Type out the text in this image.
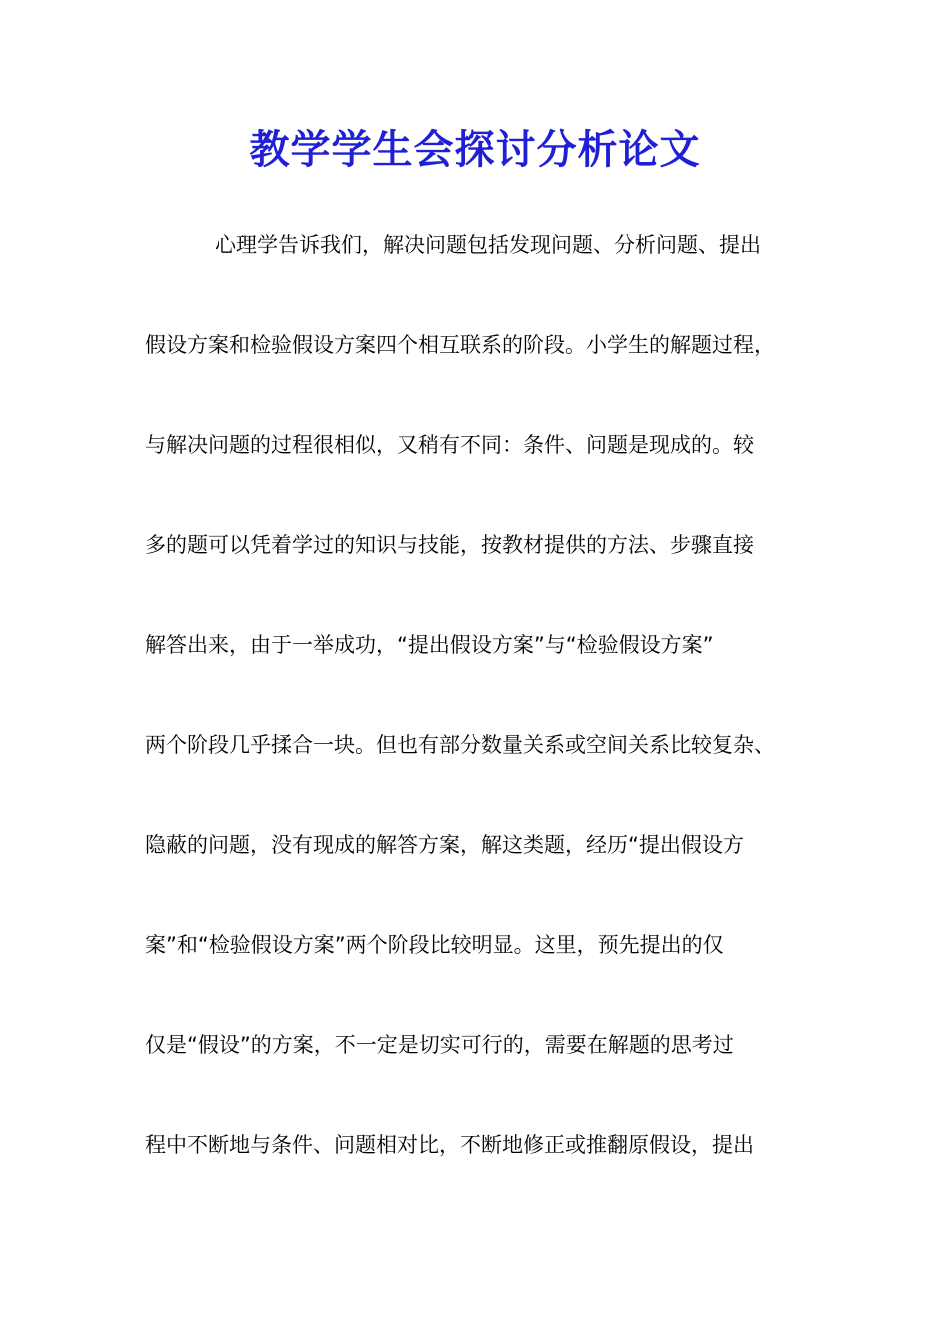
教学学生会探讨分析论文
心理学告诉我们，解决问题包括发现问题、分析问题、提出
假设方案和检验假设方案四个相互联系的阶段。小学生的解题过程，
与解决问题的过程很相似，又稍有不同：条件、问题是现成的。较
多的题可以凭着学过的知识与技能，按教材提供的方法、步骤直接
解答出来，由于一举成功，“提出假设方案”与“检验假设方案”
两个阶段几乎揉合一块。但也有部分数量关系或空间关系比较复杂、
隐蔽的问题，没有现成的解答方案，解这类题，经历“提出假设方
案”和“检验假设方案”两个阶段比较明显。这里，预先提出的仅
仅是“假设”的方案，不一定是切实可行的，需要在解题的思考过
程中不断地与条件、问题相对比，不断地修正或推翻原假设，提出
